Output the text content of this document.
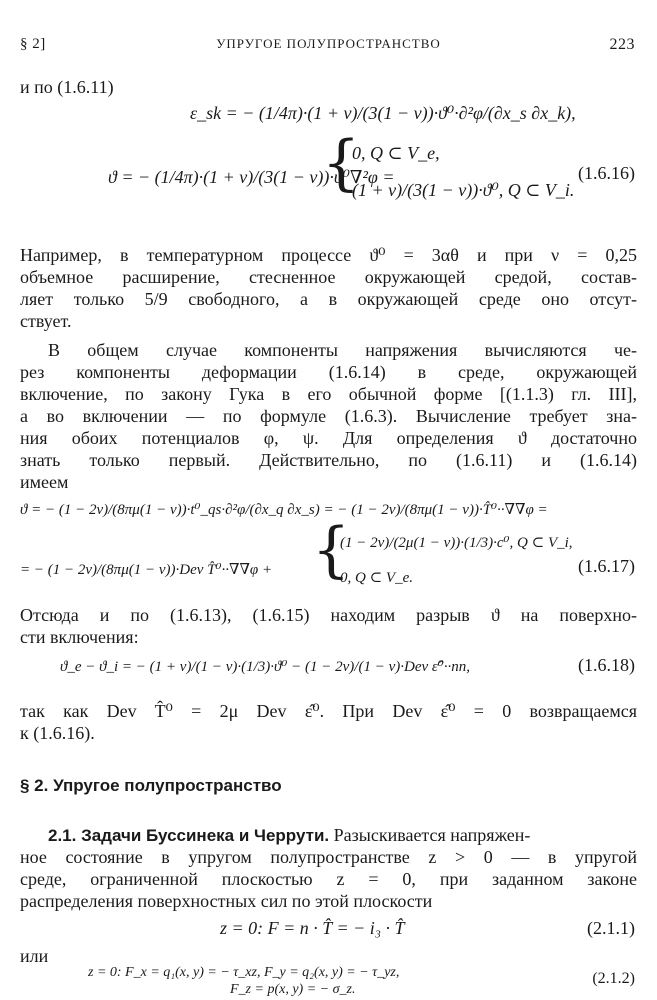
§ 2]	УПРУГОЕ ПОЛУПРОСТРАНСТВО	223
и по (1.6.11)
ε_sk = − (1/4π)·(1 + ν)/(3(1 − ν))·ϑ⁰·∂²φ/(∂x_s ∂x_k),
ϑ = − (1/4π)·(1 + ν)/(3(1 − ν))·ϑ⁰∇²φ =
{
0, Q ⊂ V_e,
(1 + ν)/(3(1 − ν))·ϑ⁰, Q ⊂ V_i.
(1.6.16)
Например, в температурном процессе ϑ⁰ = 3αθ и при ν = 0,25
объемное расширение, стесненное окружающей средой, состав-
ляет только 5/9 свободного, а в окружающей среде оно отсут-
ствует.
В общем случае компоненты напряжения вычисляются че-
рез компоненты деформации (1.6.14) в среде, окружающей
включение, по закону Гука в его обычной форме [(1.1.3) гл. III],
а во включении — по формуле (1.6.3). Вычисление требует зна-
ния обоих потенциалов φ, ψ. Для определения ϑ достаточно
знать только первый. Действительно, по (1.6.11) и (1.6.14)
имеем
ϑ = − (1 − 2ν)/(8πμ(1 − ν))·t⁰_qs·∂²φ/(∂x_q ∂x_s) = − (1 − 2ν)/(8πμ(1 − ν))·T̂⁰··∇∇φ =
= − (1 − 2ν)/(8πμ(1 − ν))·Dev T̂⁰··∇∇φ + {
(1 − 2ν)/(2μ(1 − ν))·(1/3)·c⁰, Q ⊂ V_i,
0, Q ⊂ V_e.
(1.6.17)
Отсюда и по (1.6.13), (1.6.15) находим разрыв ϑ на поверхно-
сти включения:
ϑ_e − ϑ_i = − (1 + ν)/(1 − ν)·(1/3)·ϑ⁰ − (1 − 2ν)/(1 − ν)·Dev ε̂⁰··nn,	(1.6.18)
так как Dev T̂⁰ = 2μ Dev ε̂⁰. При Dev ε̂⁰ = 0 возвращаемся
к (1.6.16).
§ 2. Упругое полупространство
2.1. Задачи Буссинека и Черрути. Разыскивается напряжен-
ное состояние в упругом полупространстве z > 0 — в упругой
среде, ограниченной плоскостью z = 0, при заданном законе
распределения поверхностных сил по этой плоскости
z = 0: F = n · T̂ = − i₃ · T̂	(2.1.1)
или
z = 0: F_x = q₁(x, y) = − τ_xz, F_y = q₂(x, y) = − τ_yz,
F_z = p(x, y) = − σ_z.
(2.1.2)
